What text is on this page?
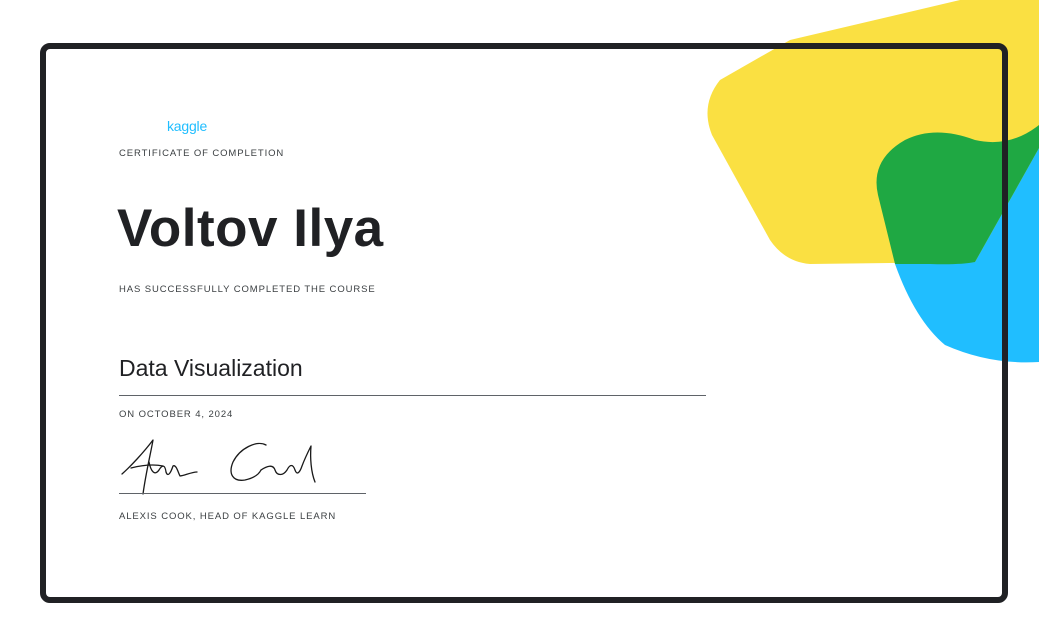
kaggle

CERTIFICATE OF COMPLETION

Voltov Ilya

HAS SUCCESSFULLY COMPLETED THE COURSE

Data Visualization

ON OCTOBER 4, 2024

ALEXIS COOK, HEAD OF KAGGLE LEARN
